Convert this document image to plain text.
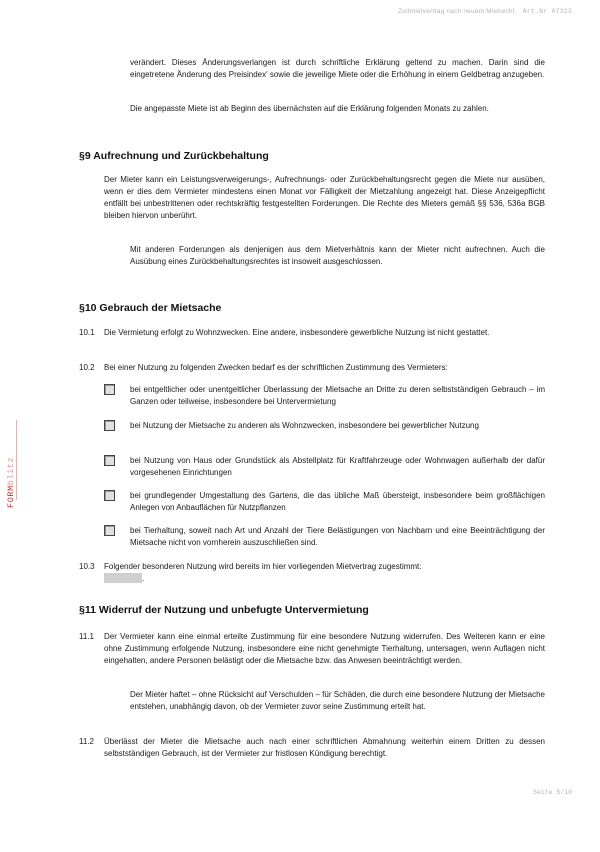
Zeitmietvertrag nach neuem Mietrecht Art.Nr 07323
FORMblitz

verändert. Dieses Änderungsverlangen ist durch schriftliche Erklärung geltend zu machen. Darin sind die eingetretene Änderung des Preisindex' sowie die jeweilige Miete oder die Erhöhung in einem Geldbetrag anzugeben.

Die angepasste Miete ist ab Beginn des übernächsten auf die Erklärung folgenden Monats zu zahlen.

§9 Aufrechnung und Zurückbehaltung

Der Mieter kann ein Leistungsverweigerungs-, Aufrechnungs- oder Zurückbehaltungsrecht gegen die Miete nur ausüben, wenn er dies dem Vermieter mindestens einen Monat vor Fälligkeit der Mietzahlung angezeigt hat. Diese Anzeigepflicht entfällt bei unbestrittenen oder rechtskräftig festgestellten Forderungen. Die Rechte des Mieters gemäß §§ 536, 536a BGB bleiben hiervon unberührt.

Mit anderen Forderungen als denjenigen aus dem Mietverhältnis kann der Mieter nicht aufrechnen. Auch die Ausübung eines Zurückbehaltungsrechtes ist insoweit ausgeschlossen.

§10 Gebrauch der Mietsache
10.1 Die Vermietung erfolgt zu Wohnzwecken. Eine andere, insbesondere gewerbliche Nutzung ist nicht gestattet.

10.2 Bei einer Nutzung zu folgenden Zwecken bedarf es der schriftlichen Zustimmung des Vermieters:

bei entgeltlicher oder unentgeltlicher Überlassung der Mietsache an Dritte zu deren selbstständigen Gebrauch – im Ganzen oder teilweise, insbesondere bei Untervermietung

bei Nutzung der Mietsache zu anderen als Wohnzwecken, insbesondere bei gewerblicher Nutzung

bei Nutzung von Haus oder Grundstück als Abstellplatz für Kraftfahrzeuge oder Wohnwagen außerhalb der dafür vorgesehenen Einrichtungen

bei grundlegender Umgestaltung des Gartens, die das übliche Maß übersteigt, insbesondere beim großflächigen Anlegen von Anbauflächen für Nutzpflanzen

bei Tierhaltung, soweit nach Art und Anzahl der Tiere Belästigungen von Nachbarn und eine Beeinträchtigung der Mietsache nicht von vornherein auszuschließen sind.

10.3 Folgender besonderen Nutzung wird bereits im hier vorliegenden Mietvertrag zugestimmt:
.

§11 Widerruf der Nutzung und unbefugte Untervermietung
11.1 Der Vermieter kann eine einmal erteilte Zustimmung für eine besondere Nutzung widerrufen. Des Weiteren kann er eine ohne Zustimmung erfolgende Nutzung, insbesondere eine nicht genehmigte Tierhaltung, untersagen, wenn Auflagen nicht eingehalten, andere Personen belästigt oder die Mietsache bzw. das Anwesen beeinträchtigt werden.

Der Mieter haftet – ohne Rücksicht auf Verschulden – für Schäden, die durch eine besondere Nutzung der Mietsache entstehen, unabhängig davon, ob der Vermieter zuvor seine Zustimmung erteilt hat.

11.2 Überlässt der Mieter die Mietsache auch nach einer schriftlichen Abmahnung weiterhin einem Dritten zu dessen selbstständigen Gebrauch, ist der Vermieter zur fristlosen Kündigung berechtigt.

Seite 5/10
